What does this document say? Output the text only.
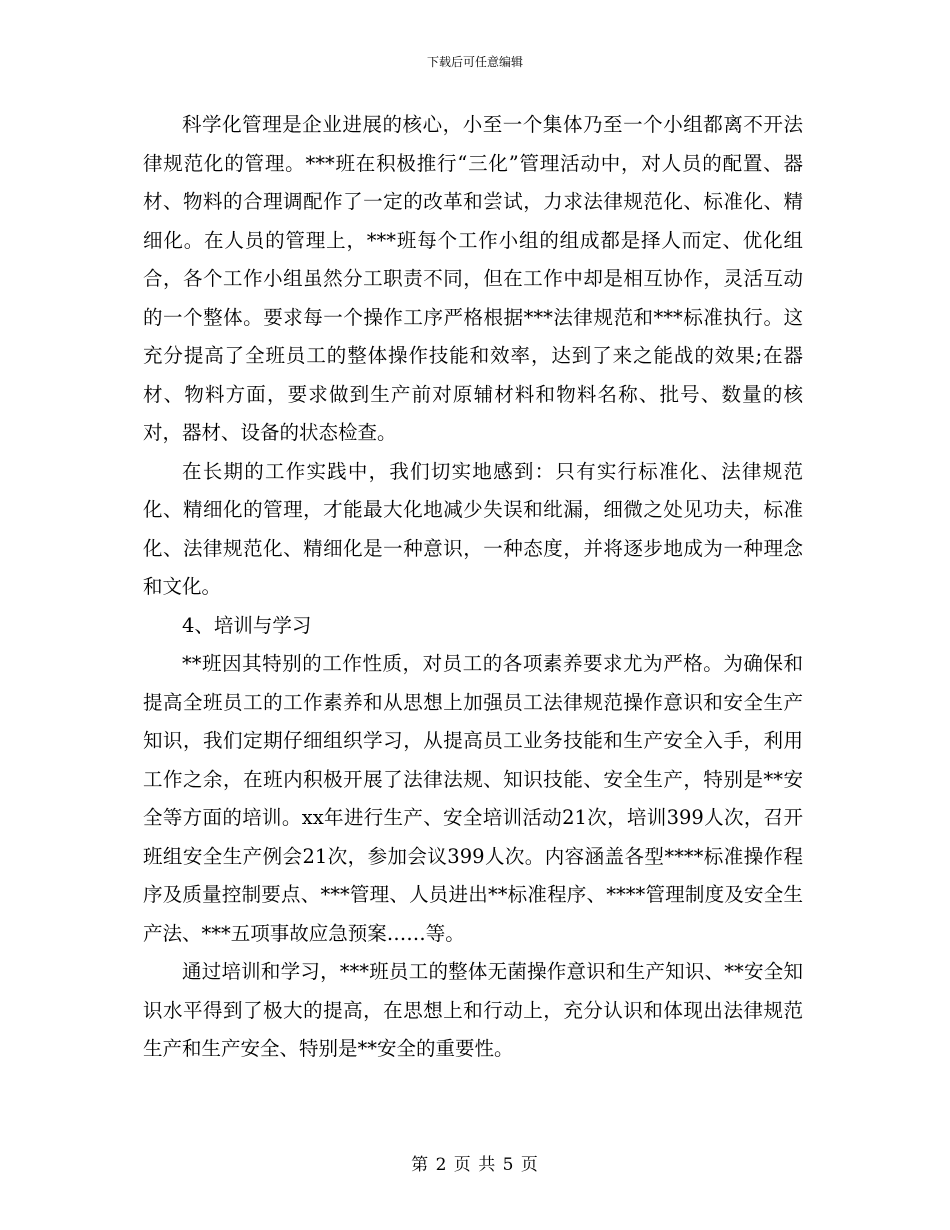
下载后可任意编辑

科学化管理是企业进展的核心，小至一个集体乃至一个小组都离不开法律规范化的管理。***班在积极推行“三化”管理活动中，对人员的配置、器材、物料的合理调配作了一定的改革和尝试，力求法律规范化、标准化、精细化。在人员的管理上，***班每个工作小组的组成都是择人而定、优化组合，各个工作小组虽然分工职责不同，但在工作中却是相互协作，灵活互动的一个整体。要求每一个操作工序严格根据***法律规范和***标准执行。这充分提高了全班员工的整体操作技能和效率，达到了来之能战的效果;在器材、物料方面，要求做到生产前对原辅材料和物料名称、批号、数量的核对，器材、设备的状态检查。

在长期的工作实践中，我们切实地感到：只有实行标准化、法律规范化、精细化的管理，才能最大化地减少失误和纰漏，细微之处见功夫，标准化、法律规范化、精细化是一种意识，一种态度，并将逐步地成为一种理念和文化。

4、培训与学习

**班因其特别的工作性质，对员工的各项素养要求尤为严格。为确保和提高全班员工的工作素养和从思想上加强员工法律规范操作意识和安全生产知识，我们定期仔细组织学习，从提高员工业务技能和生产安全入手，利用工作之余，在班内积极开展了法律法规、知识技能、安全生产，特别是**安全等方面的培训。xx年进行生产、安全培训活动21次，培训399人次，召开班组安全生产例会21次，参加会议399人次。内容涵盖各型****标准操作程序及质量控制要点、***管理、人员进出**标准程序、****管理制度及安全生产法、***五项事故应急预案……等。

通过培训和学习，***班员工的整体无菌操作意识和生产知识、**安全知识水平得到了极大的提高，在思想上和行动上，充分认识和体现出法律规范生产和生产安全、特别是**安全的重要性。

第 2 页 共 5 页
